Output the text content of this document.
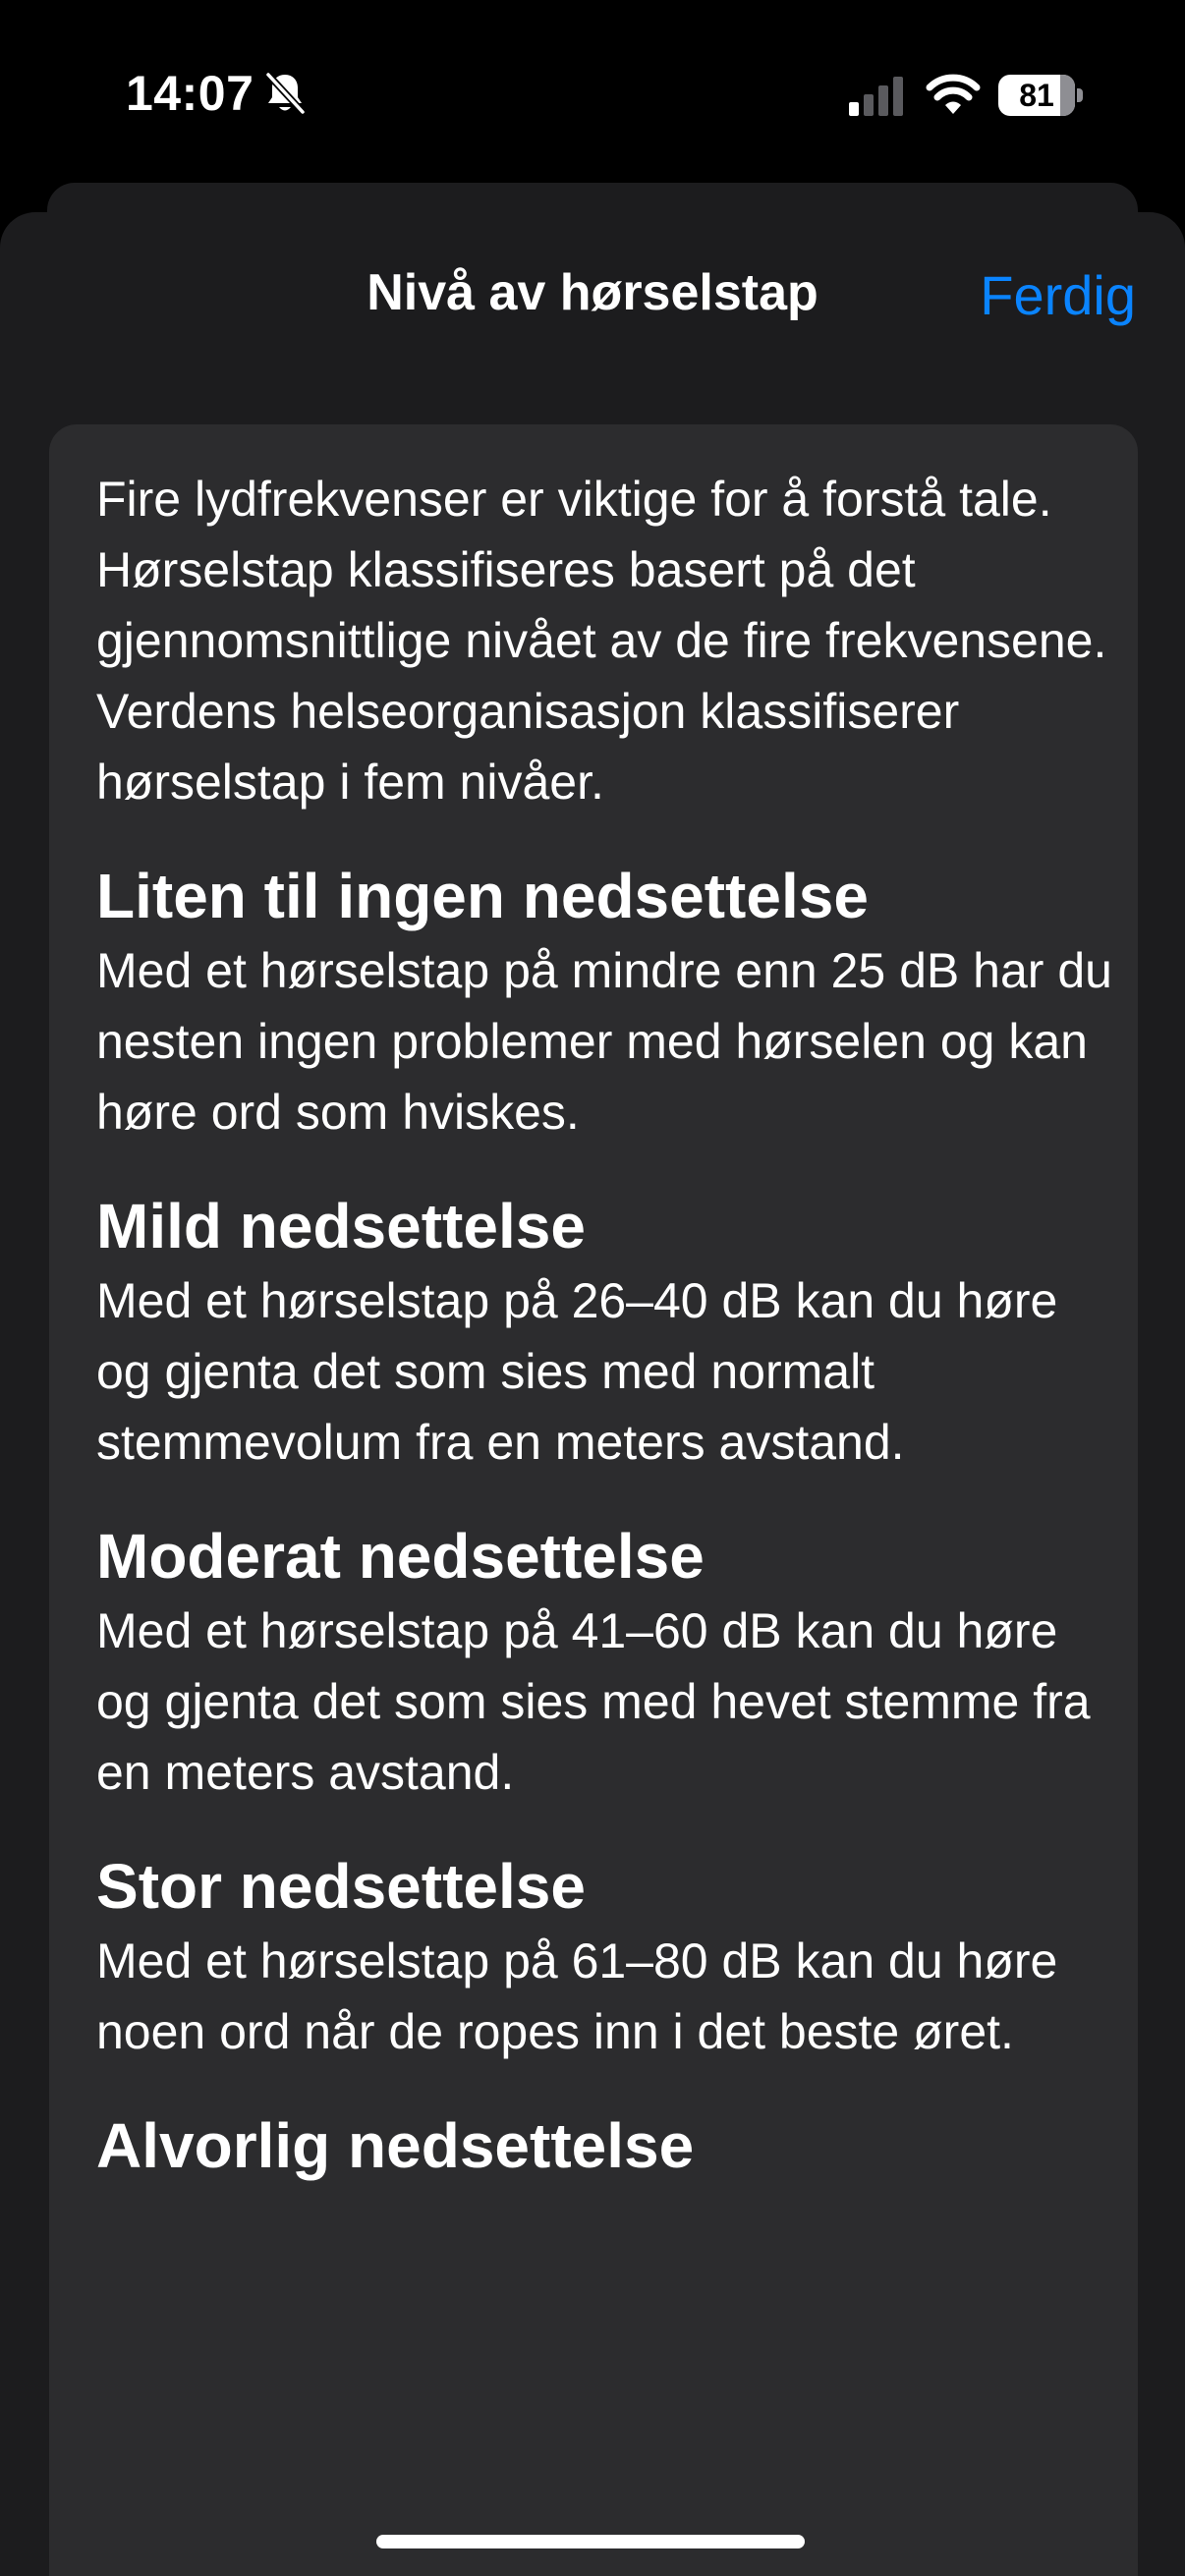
14:07	81
Nivå av hørselstap	Ferdig

Fire lydfrekvenser er viktige for å forstå tale. Hørselstap klassifiseres basert på det gjennomsnittlige nivået av de fire frekvensene. Verdens helseorganisasjon klassifiserer hørselstap i fem nivåer.

Liten til ingen nedsettelse

Med et hørselstap på mindre enn 25 dB har du nesten ingen problemer med hørselen og kan høre ord som hviskes.

Mild nedsettelse

Med et hørselstap på 26–40 dB kan du høre og gjenta det som sies med normalt stemmevolum fra en meters avstand.

Moderat nedsettelse

Med et hørselstap på 41–60 dB kan du høre og gjenta det som sies med hevet stemme fra en meters avstand.

Stor nedsettelse

Med et hørselstap på 61–80 dB kan du høre noen ord når de ropes inn i det beste øret.

Alvorlig nedsettelse
